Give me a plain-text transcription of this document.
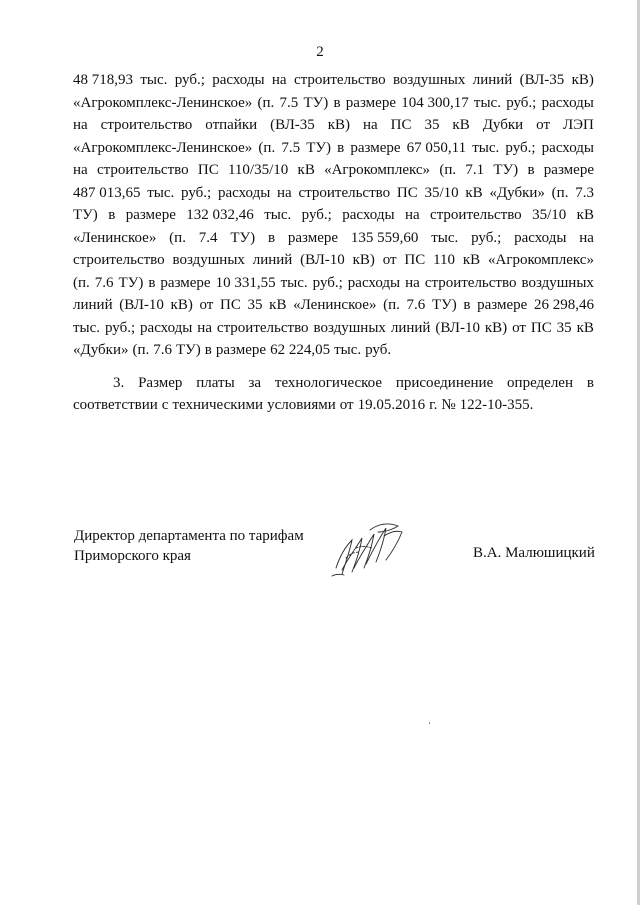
2
48 718,93 тыс. руб.; расходы на строительство воздушных линий (ВЛ-35 кВ)
«Агрокомплекс-Ленинское» (п. 7.5 ТУ) в размере 104 300,17 тыс. руб.; расходы
на строительство отпайки (ВЛ-35 кВ) на ПС 35 кВ Дубки от ЛЭП
«Агрокомплекс-Ленинское» (п. 7.5 ТУ) в размере 67 050,11 тыс. руб.; расходы
на строительство ПС 110/35/10 кВ «Агрокомплекс» (п. 7.1 ТУ) в размере
487 013,65 тыс. руб.; расходы на строительство ПС 35/10 кВ «Дубки» (п. 7.3
ТУ) в размере 132 032,46 тыс. руб.; расходы на строительство 35/10 кВ
«Ленинское» (п. 7.4 ТУ) в размере 135 559,60 тыс. руб.; расходы на
строительство воздушных линий (ВЛ-10 кВ) от ПС 110 кВ «Агрокомплекс»
(п. 7.6 ТУ) в размере 10 331,55 тыс. руб.; расходы на строительство воздушных
линий (ВЛ-10 кВ) от ПС 35 кВ «Ленинское» (п. 7.6 ТУ) в размере 26 298,46
тыс. руб.; расходы на строительство воздушных линий (ВЛ-10 кВ) от ПС 35 кВ
«Дубки» (п. 7.6 ТУ) в размере 62 224,05 тыс. руб.
3. Размер платы за технологическое присоединение определен в
соответствии с техническими условиями от 19.05.2016 г. № 122-10-355.
Директор департамента по тарифам
Приморского края	В.А. Малюшицкий
